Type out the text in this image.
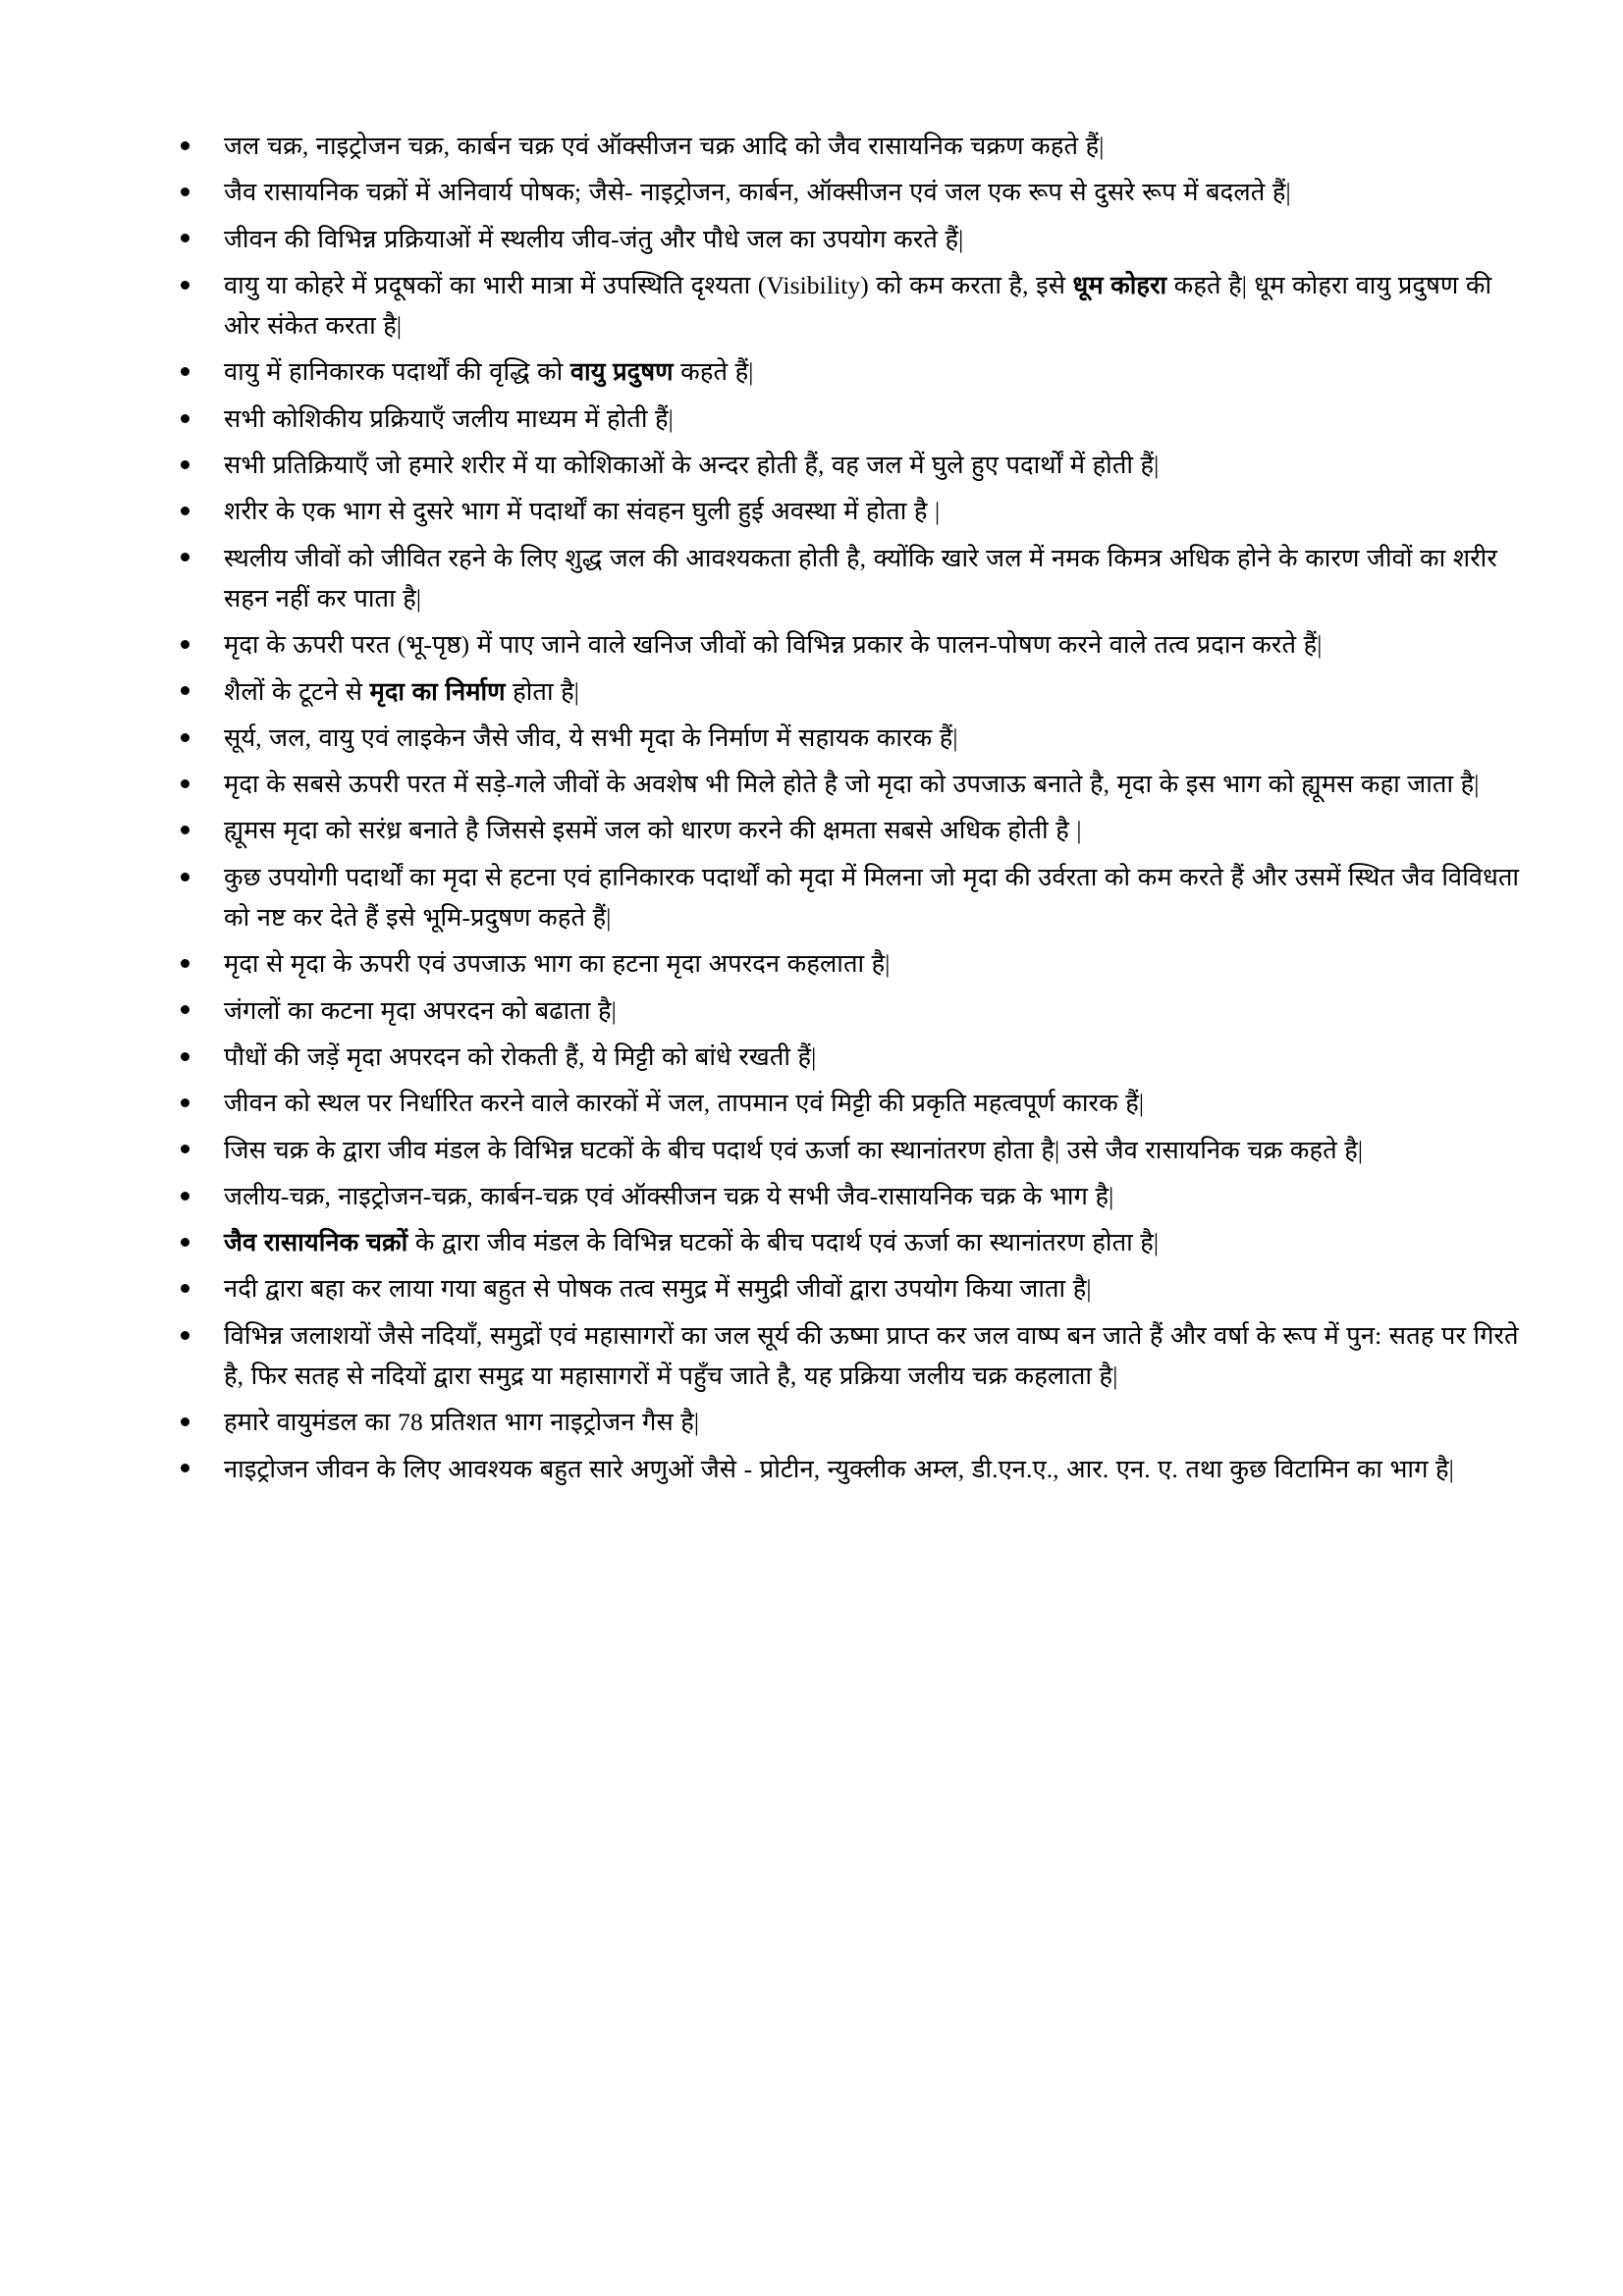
जल चक्र, नाइट्रोजन चक्र, कार्बन चक्र एवं ऑक्सीजन चक्र आदि को जैव रासायनिक चक्रण कहते हैं|
जैव रासायनिक चक्रों में अनिवार्य पोषक; जैसे- नाइट्रोजन, कार्बन, ऑक्सीजन एवं जल एक रूप से दुसरे रूप में बदलते हैं|
जीवन की विभिन्न प्रक्रियाओं में स्थलीय जीव-जंतु और पौधे जल का उपयोग करते हैं|
वायु या कोहरे में प्रदूषकों का भारी मात्रा में उपस्थिति दृश्यता (Visibility) को कम करता है, इसे धूम कोहरा कहते है| धूम कोहरा वायु प्रदुषण की ओर संकेत करता है|
वायु में हानिकारक पदार्थों की वृद्धि को वायु प्रदुषण कहते हैं|
सभी कोशिकीय प्रक्रियाएँ जलीय माध्यम में होती हैं|
सभी प्रतिक्रियाएँ जो हमारे शरीर में या कोशिकाओं के अन्दर होती हैं, वह जल में घुले हुए पदार्थों में होती हैं|
शरीर के एक भाग से दुसरे भाग में पदार्थों का संवहन घुली हुई अवस्था में होता है |
स्थलीय जीवों को जीवित रहने के लिए शुद्ध जल की आवश्यकता होती है, क्योंकि खारे जल में नमक किमत्र अधिक होने के कारण जीवों का शरीर सहन नहीं कर पाता है|
मृदा के ऊपरी परत (भू-पृष्ठ) में पाए जाने वाले खनिज जीवों को विभिन्न प्रकार के पालन-पोषण करने वाले तत्व प्रदान करते हैं|
शैलों के टूटने से मृदा का निर्माण होता है|
सूर्य, जल, वायु एवं लाइकेन जैसे जीव, ये सभी मृदा के निर्माण में सहायक कारक हैं|
मृदा के सबसे ऊपरी परत में सड़े-गले जीवों के अवशेष भी मिले होते है जो मृदा को उपजाऊ बनाते है, मृदा के इस भाग को ह्यूमस कहा जाता है|
ह्यूमस मृदा को सरंध्र बनाते है जिससे इसमें जल को धारण करने की क्षमता सबसे अधिक होती है |
कुछ उपयोगी पदार्थों का मृदा से हटना एवं हानिकारक पदार्थों को मृदा में मिलना जो मृदा की उर्वरता को कम करते हैं और उसमें स्थित जैव विविधता को नष्ट कर देते हैं इसे भूमि-प्रदुषण कहते हैं|
मृदा से मृदा के ऊपरी एवं उपजाऊ भाग का हटना मृदा अपरदन कहलाता है|
जंगलों का कटना मृदा अपरदन को बढाता है|
पौधों की जड़ें मृदा अपरदन को रोकती हैं, ये मिट्टी को बांधे रखती हैं|
जीवन को स्थल पर निर्धारित करने वाले कारकों में जल, तापमान एवं मिट्टी की प्रकृति महत्वपूर्ण कारक हैं|
जिस चक्र के द्वारा जीव मंडल के विभिन्न घटकों के बीच पदार्थ एवं ऊर्जा का स्थानांतरण होता है| उसे जैव रासायनिक चक्र कहते है|
जलीय-चक्र, नाइट्रोजन-चक्र, कार्बन-चक्र एवं ऑक्सीजन चक्र ये सभी जैव-रासायनिक चक्र के भाग है|
जैव रासायनिक चक्रों के द्वारा जीव मंडल के विभिन्न घटकों के बीच पदार्थ एवं ऊर्जा का स्थानांतरण होता है|
नदी द्वारा बहा कर लाया गया बहुत से पोषक तत्व समुद्र में समुद्री जीवों द्वारा उपयोग किया जाता है|
विभिन्न जलाशयों जैसे नदियाँ, समुद्रों एवं महासागरों का जल सूर्य की ऊष्मा प्राप्त कर जल वाष्प बन जाते हैं और वर्षा के रूप में पुन: सतह पर गिरते है, फिर सतह से नदियों द्वारा समुद्र या महासागरों में पहुँच जाते है, यह प्रक्रिया जलीय चक्र कहलाता है|
हमारे वायुमंडल का 78 प्रतिशत भाग नाइट्रोजन गैस है|
नाइट्रोजन जीवन के लिए आवश्यक बहुत सारे अणुओं जैसे - प्रोटीन, न्युक्लीक अम्ल, डी.एन.ए., आर. एन. ए. तथा कुछ विटामिन का भाग है|
